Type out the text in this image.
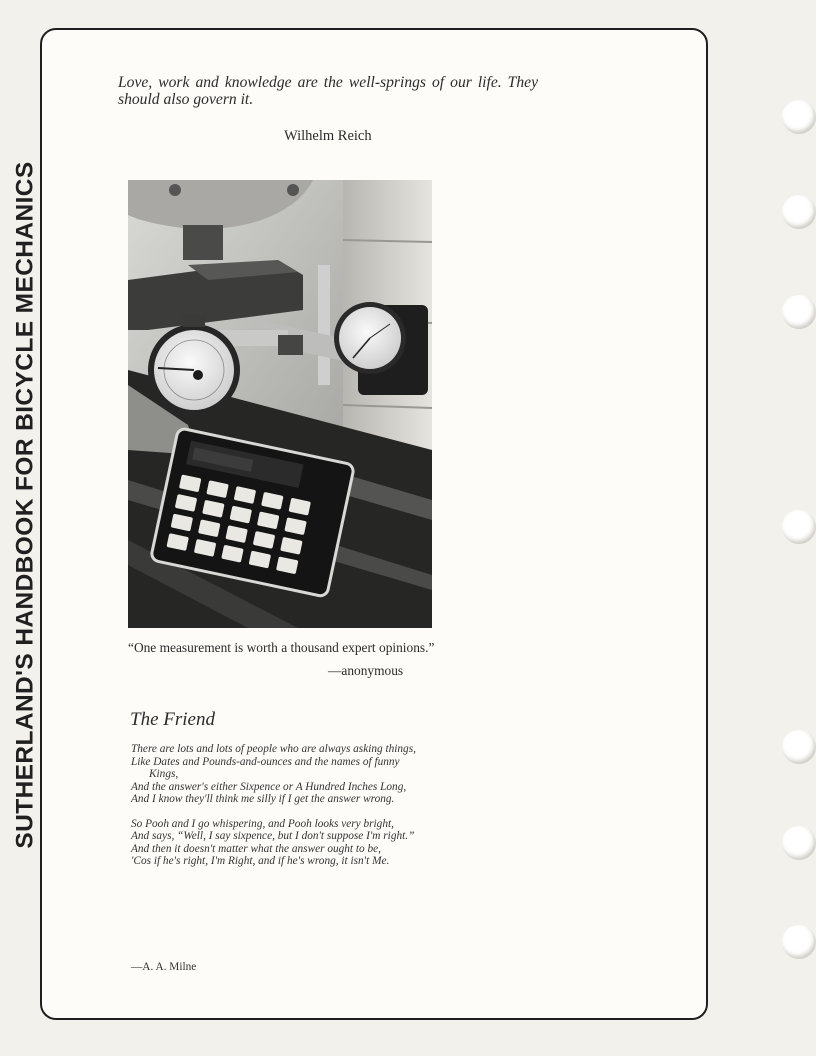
SUTHERLAND'S HANDBOOK FOR BICYCLE MECHANICS

Love, work and knowledge are the well-springs of our life. They should also govern it.

Wilhelm Reich

“One measurement is worth a thousand expert opinions.”

—anonymous

The Friend

There are lots and lots of people who are always asking things,
Like Dates and Pounds-and-ounces and the names of funny Kings,
And the answer's either Sixpence or A Hundred Inches Long,
And I know they'll think me silly if I get the answer wrong.
So Pooh and I go whispering, and Pooh looks very bright,
And says, “Well, I say sixpence, but I don't suppose I'm right.”
And then it doesn't matter what the answer ought to be,
'Cos if he's right, I'm Right, and if he's wrong, it isn't Me.

—A. A. Milne
